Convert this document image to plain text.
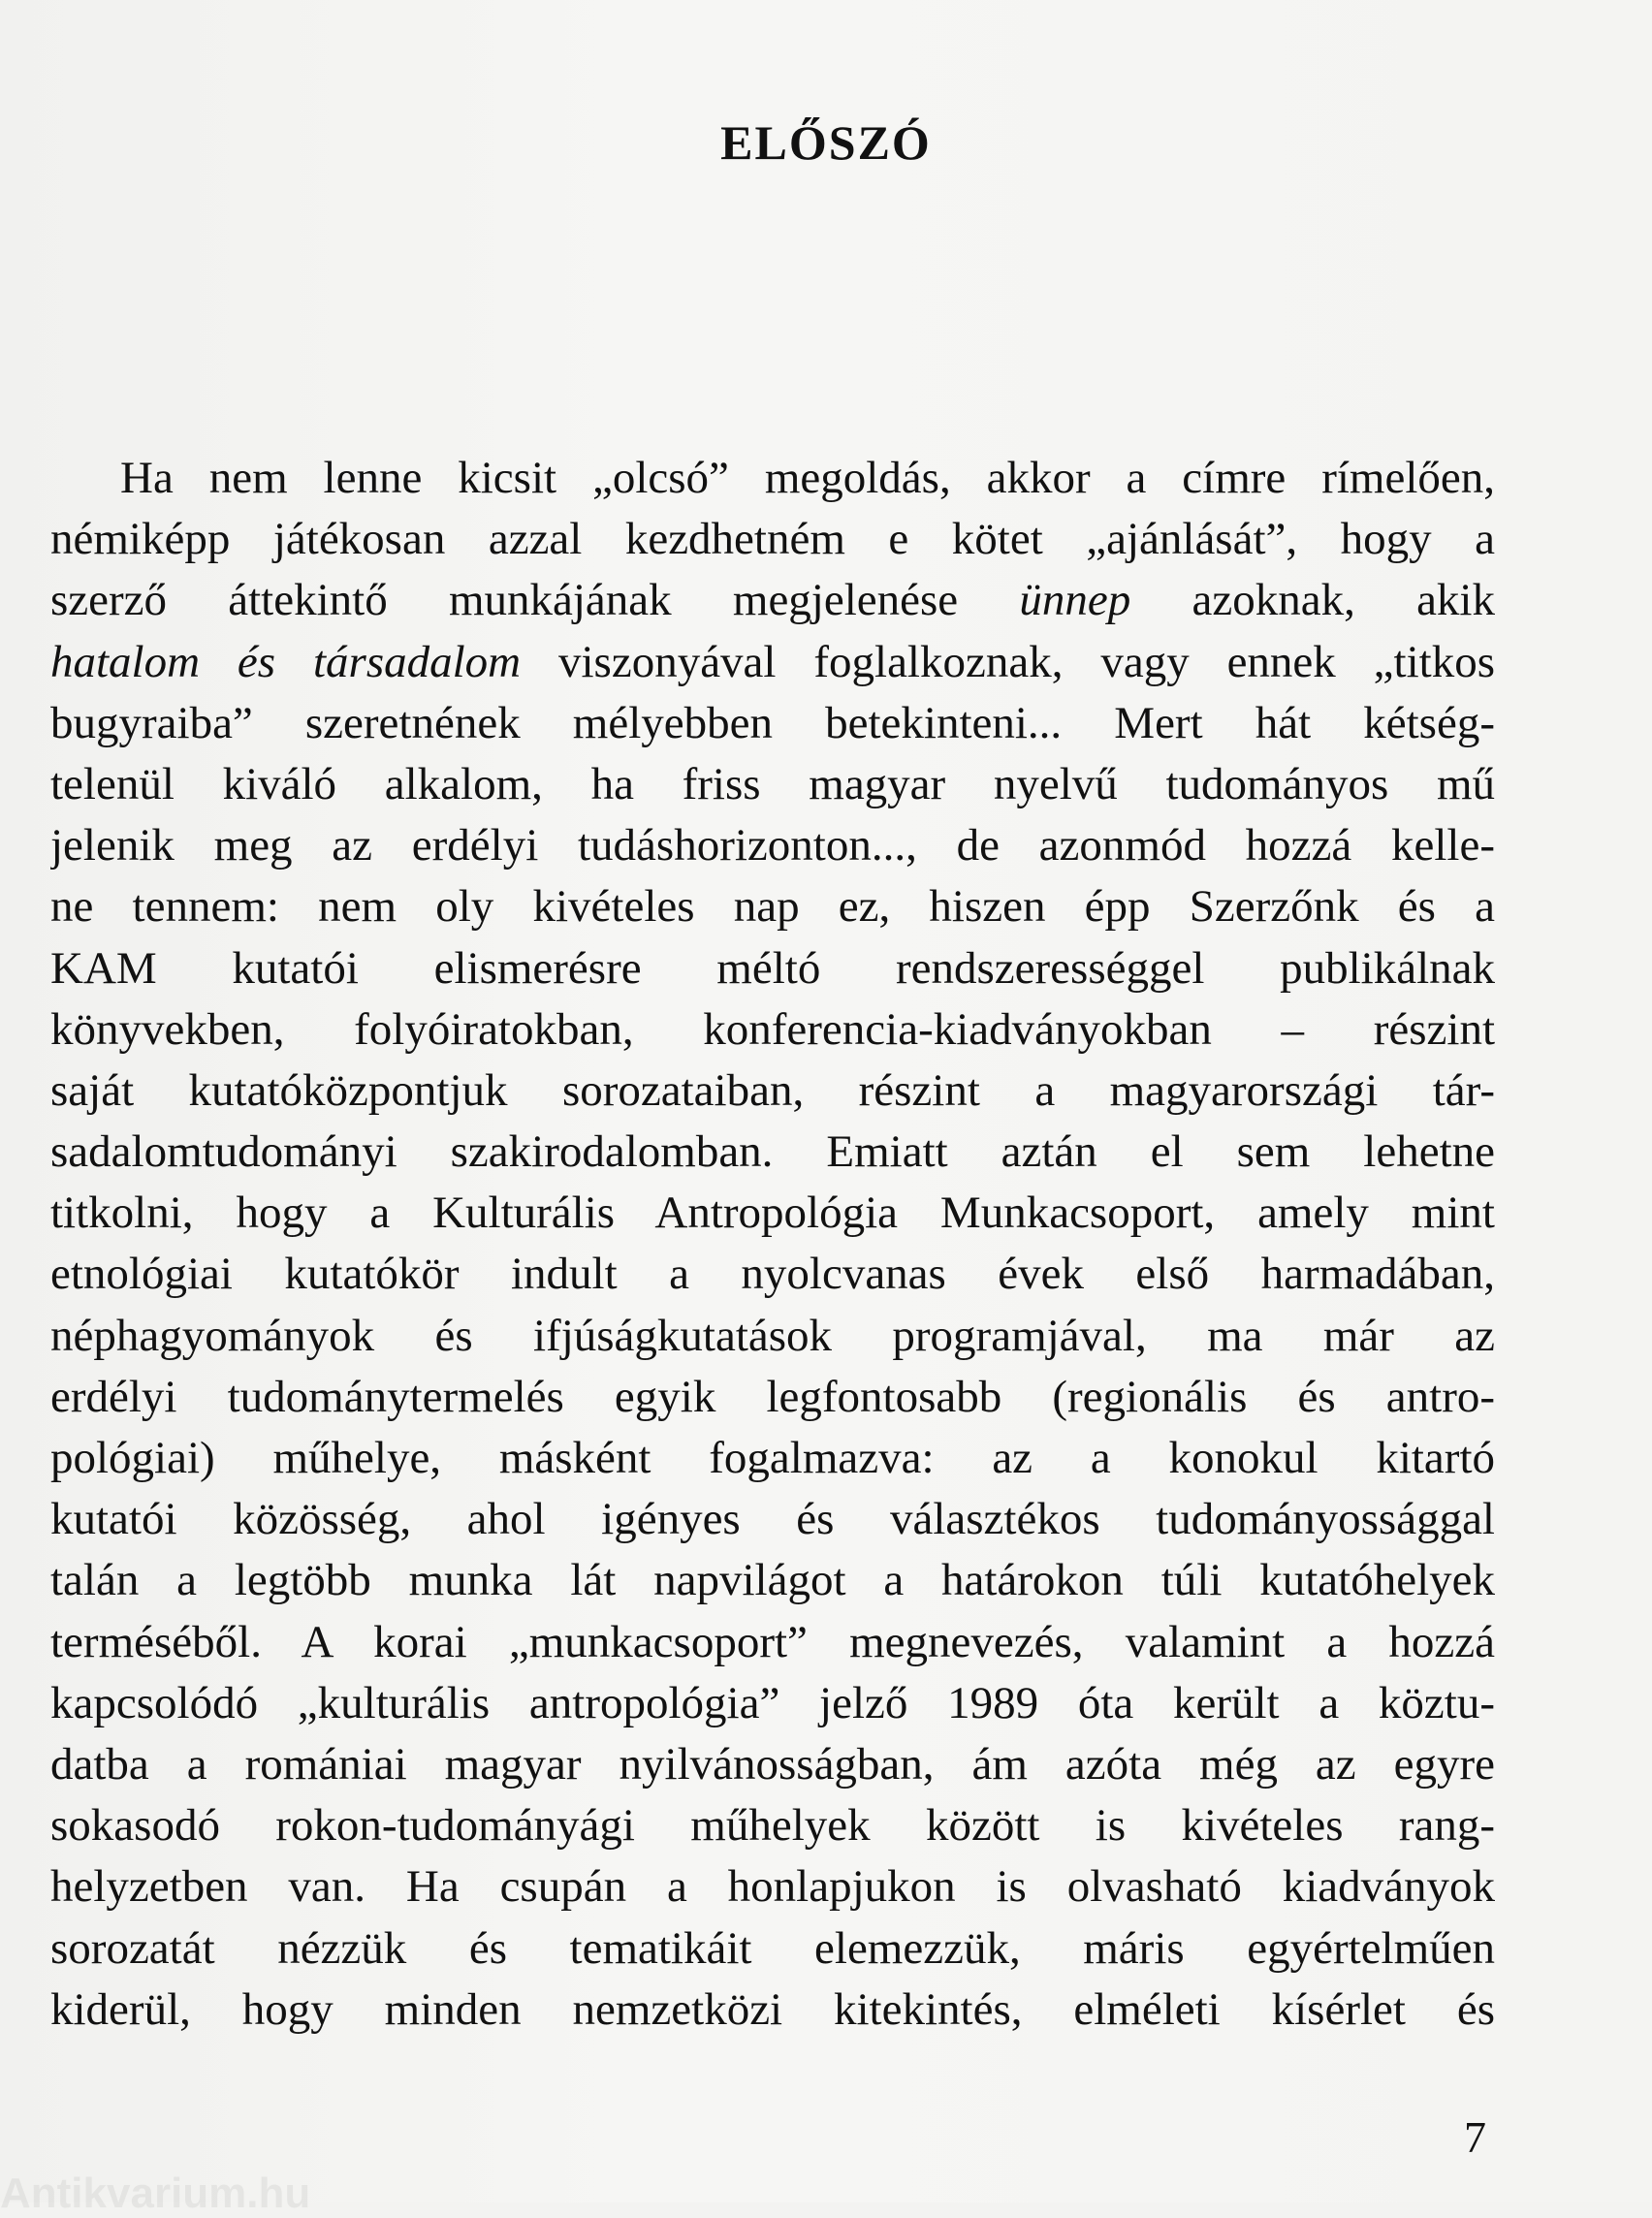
ELŐSZÓ
Ha nem lenne kicsit „olcsó” megoldás, akkor a címre rímelően,
némiképp játékosan azzal kezdhetném e kötet „ajánlását”, hogy a
szerző áttekintő munkájának megjelenése ünnep azoknak, akik
hatalom és társadalom viszonyával foglalkoznak, vagy ennek „titkos
bugyraiba” szeretnének mélyebben betekinteni... Mert hát kétség-
telenül kiváló alkalom, ha friss magyar nyelvű tudományos mű
jelenik meg az erdélyi tudáshorizonton..., de azonmód hozzá kelle-
ne tennem: nem oly kivételes nap ez, hiszen épp Szerzőnk és a
KAM kutatói elismerésre méltó rendszerességgel publikálnak
könyvekben, folyóiratokban, konferencia-kiadványokban – részint
saját kutatóközpontjuk sorozataiban, részint a magyarországi tár-
sadalomtudományi szakirodalomban. Emiatt aztán el sem lehetne
titkolni, hogy a Kulturális Antropológia Munkacsoport, amely mint
etnológiai kutatókör indult a nyolcvanas évek első harmadában,
néphagyományok és ifjúságkutatások programjával, ma már az
erdélyi tudománytermelés egyik legfontosabb (regionális és antro-
pológiai) műhelye, másként fogalmazva: az a konokul kitartó
kutatói közösség, ahol igényes és választékos tudományossággal
talán a legtöbb munka lát napvilágot a határokon túli kutatóhelyek
terméséből. A korai „munkacsoport” megnevezés, valamint a hozzá
kapcsolódó „kulturális antropológia” jelző 1989 óta került a köztu-
datba a romániai magyar nyilvánosságban, ám azóta még az egyre
sokasodó rokon-tudományági műhelyek között is kivételes rang-
helyzetben van. Ha csupán a honlapjukon is olvasható kiadványok
sorozatát nézzük és tematikáit elemezzük, máris egyértelműen
kiderül, hogy minden nemzetközi kitekintés, elméleti kísérlet és
7
Antikvarium.hu
